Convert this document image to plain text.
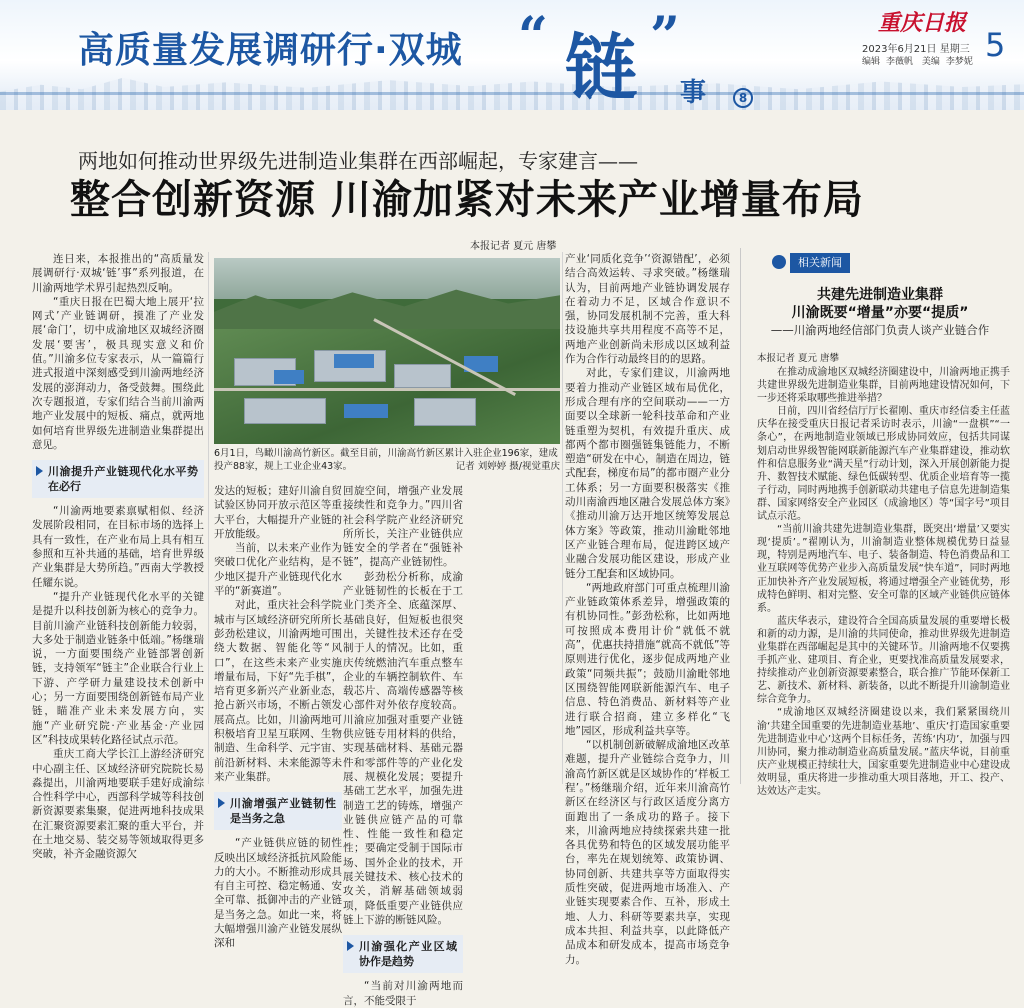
高质量发展调研行·双城 “ 链 ”
事	8
重庆日报
5
2023年6月21日 星期三
编辑 李薇帆 美编 李梦妮
两地如何推动世界级先进制造业集群在西部崛起，专家建言——
整合创新资源 川渝加紧对未来产业增量布局
本报记者 夏元 唐攀

连日来，本报推出的“高质量发展调研行·双城‘链’事”系列报道，在川渝两地学术界引起热烈反响。

“重庆日报在巴蜀大地上展开‘拉网式’产业链调研，摸准了产业发展‘命门’，切中成渝地区双城经济圈发展‘要害’，极具现实意义和价值。”川渝多位专家表示，从一篇篇行进式报道中深刻感受到川渝两地经济发展的澎湃动力，备受鼓舞。围绕此次专题报道，专家们结合当前川渝两地产业发展中的短板、痛点，就两地如何培育世界级先进制造业集群提出意见。

川渝提升产业链现代化水平势在必行

“川渝两地要素禀赋相似、经济发展阶段相同，在目标市场的选择上具有一致性，在产业布局上具有相互参照和互补共通的基础，培育世界级产业集群是大势所趋。”西南大学教授任耀东说。

“提升产业链现代化水平的关键是提升以科技创新为核心的竞争力。目前川渝产业链科技创新能力较弱，大多处于制造业链条中低端。”杨继瑞说，一方面要围绕产业链部署创新链，支持领军“链主”企业联合行业上下游、产学研力量建设技术创新中心；另一方面要围绕创新链布局产业链，瞄准产业未来发展方向，实施“产业研究院·产业基金·产业园区”科技成果转化路径试点示范。

重庆工商大学长江上游经济研究中心副主任、区域经济研究院院长易淼提出，川渝两地要联手建好成渝综合性科学中心，西部科学城等科技创新资源要素集聚，促进两地科技成果在汇聚资源要素汇聚的重大平台，并在土地交易、装交易等领域取得更多突破，补齐金融资源欠

6月1日，鸟瞰川渝高竹新区。截至目前，川渝高竹新区累计入驻企业196家，建成投产88家，规上工业企业43家。	记者 刘婷婷 摄/视觉重庆

发达的短板；建好川渝自贸试验区协同开放示范区等重大平台，大幅提升产业链的开放能级。

当前，以未来产业作为突破口优化产业结构，是不少地区提升产业链现代化水平的“新赛道”。

对此，重庆社会科学院城市与区域经济研究所所长彭劲松建议，川渝两地可围绕大数据、智能化等“风口”，在这些未来产业实施增量布局，下好“先手棋”，培育更多新兴产业新业态，抢占新兴市场，不断占领发展高点。比如，川渝两地可积极培育卫星互联网、生物制造、生命科学、元宇宙、前沿新材料、未来能源等未来产业集群。

川渝增强产业链韧性是当务之急

“产业链供应链的韧性反映出区域经济抵抗风险能力的大小。不断推动形成具有自主可控、稳定畅通、安全可靠、抵御冲击的产业链是当务之急。如此一来，将大幅增强川渝产业链发展纵深和

回旋空间，增强产业发展接续性和竞争力。”四川省社会科学院产业经济研究所所长，关注产业链供应链安全的学者在“强链补链”，提高产业链韧性。

彭劲松分析称，成渝产业链韧性的长板在于工业门类齐全、底蕴深厚、基础良好，但短板也很突出，关键性技术还存在受制于人的情况。比如，重庆传统燃油汽车重点整车企业的车辆控制软件、车载芯片、高端传感器等核心部件对外依存度较高。川渝应加强对重要产业链供应链专用材料的供给，实现基础材料、基础元器件和零部件等的产业化发展、规模化发展；要提升基础工艺水平，加强先进制造工艺的铸炼，增强产业链供应链产品的可靠性、性能一致性和稳定性；要确定受制于国际市场、国外企业的技术，开展关键技术、核心技术的攻关，消解基础领域弱项，降低重要产业链供应链上下游的断链风险。

川渝强化产业区域协作是趋势

“当前对川渝两地而言，不能受限于

产业‘同质化竞争’‘资源错配’，必须结合高效运转、寻求突破。”杨继瑞认为，目前两地产业链协调发展存在着动力不足，区域合作意识不强，协同发展机制不完善，重大科技设施共享共用程度不高等不足，两地产业创新尚未形成以区域利益作为合作行动最终目的的思路。

对此，专家们建议，川渝两地要着力推动产业链区域布局优化，形成合理有序的空间联动——一方面要以全球新一轮科技革命和产业链重塑为契机，有效提升重庆、成都两个都市圈强链集链能力，不断塑造“研发在中心，制造在周边，链式配套，梯度布局”的都市圈产业分工体系；另一方面要积极落实《推动川南渝西地区融合发展总体方案》《推动川渝万达开地区统筹发展总体方案》等政策，推动川渝毗邻地区产业链合理布局，促进跨区域产业融合发展功能区建设，形成产业链分工配套和区域协同。

“两地政府部门可重点梳理川渝产业链政策体系差异，增强政策的有机协同性。”彭劲松称，比如两地可按照成本费用计价“就低不就高”，优惠扶持措施“就高不就低”等原则进行优化，逐步促成两地产业政策“同频共振”；鼓励川渝毗邻地区围绕智能网联新能源汽车、电子信息、特色消费品、新材料等产业进行联合招商，建立多样化“飞地”园区，形成利益共享等。

“以机制创新破解成渝地区改革难题，提升产业链综合竞争力，川渝高竹新区就是区域协作的‘样板工程’。”杨继瑞介绍，近年来川渝高竹新区在经济区与行政区适度分离方面跑出了一条成功的路子。接下来，川渝两地应持续探索共建一批各具优势和特色的区域发展功能平台，率先在规划统筹、政策协调、协同创新、共建共享等方面取得实质性突破，促进两地市场准入、产业链实现要素合作、互补，形成土地、人力、科研等要素共享，实现成本共担、利益共享，以此降低产品成本和研发成本，提高市场竞争力。

相关新闻
共建先进制造业集群
川渝既要“增量”亦要“提质”
——川渝两地经信部门负责人谈产业链合作
本报记者 夏元 唐攀

在推动成渝地区双城经济圈建设中，川渝两地正携手共建世界级先进制造业集群，目前两地建设情况如何，下一步还将采取哪些推进举措？

日前，四川省经信厅厅长翟刚、重庆市经信委主任蓝庆华在接受重庆日报记者采访时表示，川渝“一盘棋”“一条心”，在两地制造业领域已形成协同效应，包括共同谋划启动世界级智能网联新能源汽车产业集群建设，推动软件和信息服务业“满天星”行动计划，深入开展创新能力提升、数智技术赋能、绿色低碳转型、优质企业培育等一揽子行动，同时两地携手创新联动共建电子信息先进制造集群、国家网络安全产业园区（成渝地区）等“国字号”项目试点示范。

“当前川渝共建先进制造业集群，既突出‘增量’又要实现‘提质’。”翟刚认为，川渝制造业整体规模优势日益显现，特别是两地汽车、电子、装备制造、特色消费品和工业互联网等优势产业步入高质量发展“快车道”，同时两地正加快补齐产业发展短板，将通过增强全产业链优势，形成特色鲜明、相对完整、安全可靠的区域产业链供应链体系。

蓝庆华表示，建设符合全国高质量发展的重要增长极和新的动力源，是川渝的共同使命，推动世界级先进制造业集群在西部崛起是其中的关键环节。川渝两地不仅要携手抓产业、建项目、育企业，更要找准高质量发展要求，持续推动产业创新资源要素整合，联合推广节能环保新工艺、新技术、新材料、新装备，以此不断提升川渝制造业综合竞争力。

“成渝地区双城经济圈建设以来，我们紧紧围绕川渝‘共建全国重要的先进制造业基地’、重庆‘打造国家重要先进制造业中心’这两个目标任务，苦练‘内功’，加强与四川协同，聚力推动制造业高质量发展。”蓝庆华说，目前重庆产业规模正持续壮大，国家重要先进制造业中心建设成效明显，重庆将进一步推动重大项目落地，开工、投产、达效达产走实。
